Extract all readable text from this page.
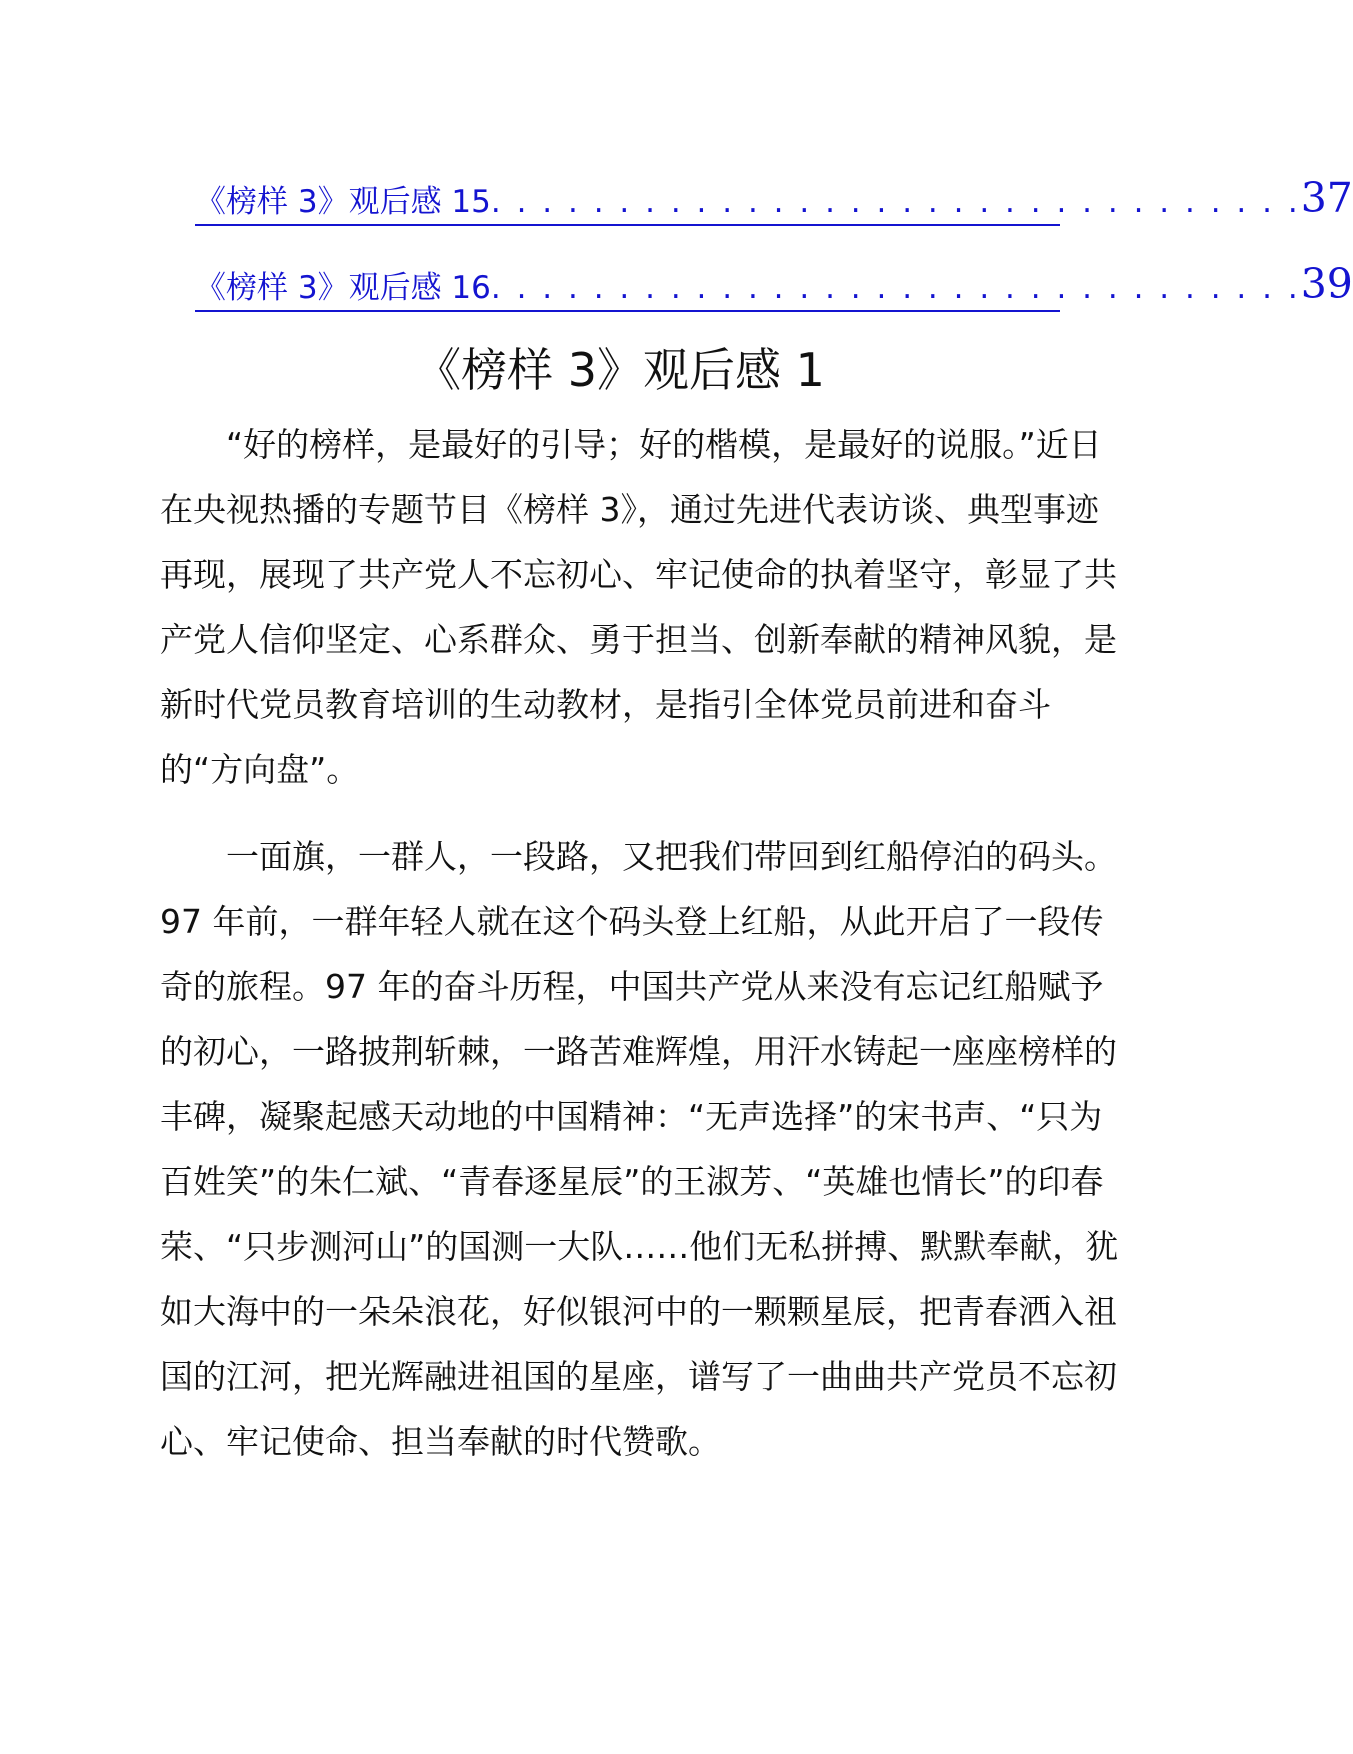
《榜样 3》观后感 15 . . . . . . . . . . . . . . . . . . . . . . . . . . . . . . . . 37
《榜样 3》观后感 16 . . . . . . . . . . . . . . . . . . . . . . . . . . . . . . . . 39
《榜样 3》观后感 1

“好的榜样，是最好的引导；好的楷模，是最好的说服。”近日在央视热播的专题节目《榜样 3》，通过先进代表访谈、典型事迹再现，展现了共产党人不忘初心、牢记使命的执着坚守，彰显了共产党人信仰坚定、心系群众、勇于担当、创新奉献的精神风貌，是新时代党员教育培训的生动教材，是指引全体党员前进和奋斗的“方向盘”。

一面旗，一群人，一段路，又把我们带回到红船停泊的码头。97 年前，一群年轻人就在这个码头登上红船，从此开启了一段传奇的旅程。97 年的奋斗历程，中国共产党从来没有忘记红船赋予的初心，一路披荆斩棘，一路苦难辉煌，用汗水铸起一座座榜样的丰碑，凝聚起感天动地的中国精神：“无声选择”的宋书声、“只为百姓笑”的朱仁斌、“青春逐星辰”的王淑芳、“英雄也情长”的印春荣、“只步测河山”的国测一大队……他们无私拼搏、默默奉献，犹如大海中的一朵朵浪花，好似银河中的一颗颗星辰，把青春洒入祖国的江河，把光辉融进祖国的星座，谱写了一曲曲共产党员不忘初心、牢记使命、担当奉献的时代赞歌。
